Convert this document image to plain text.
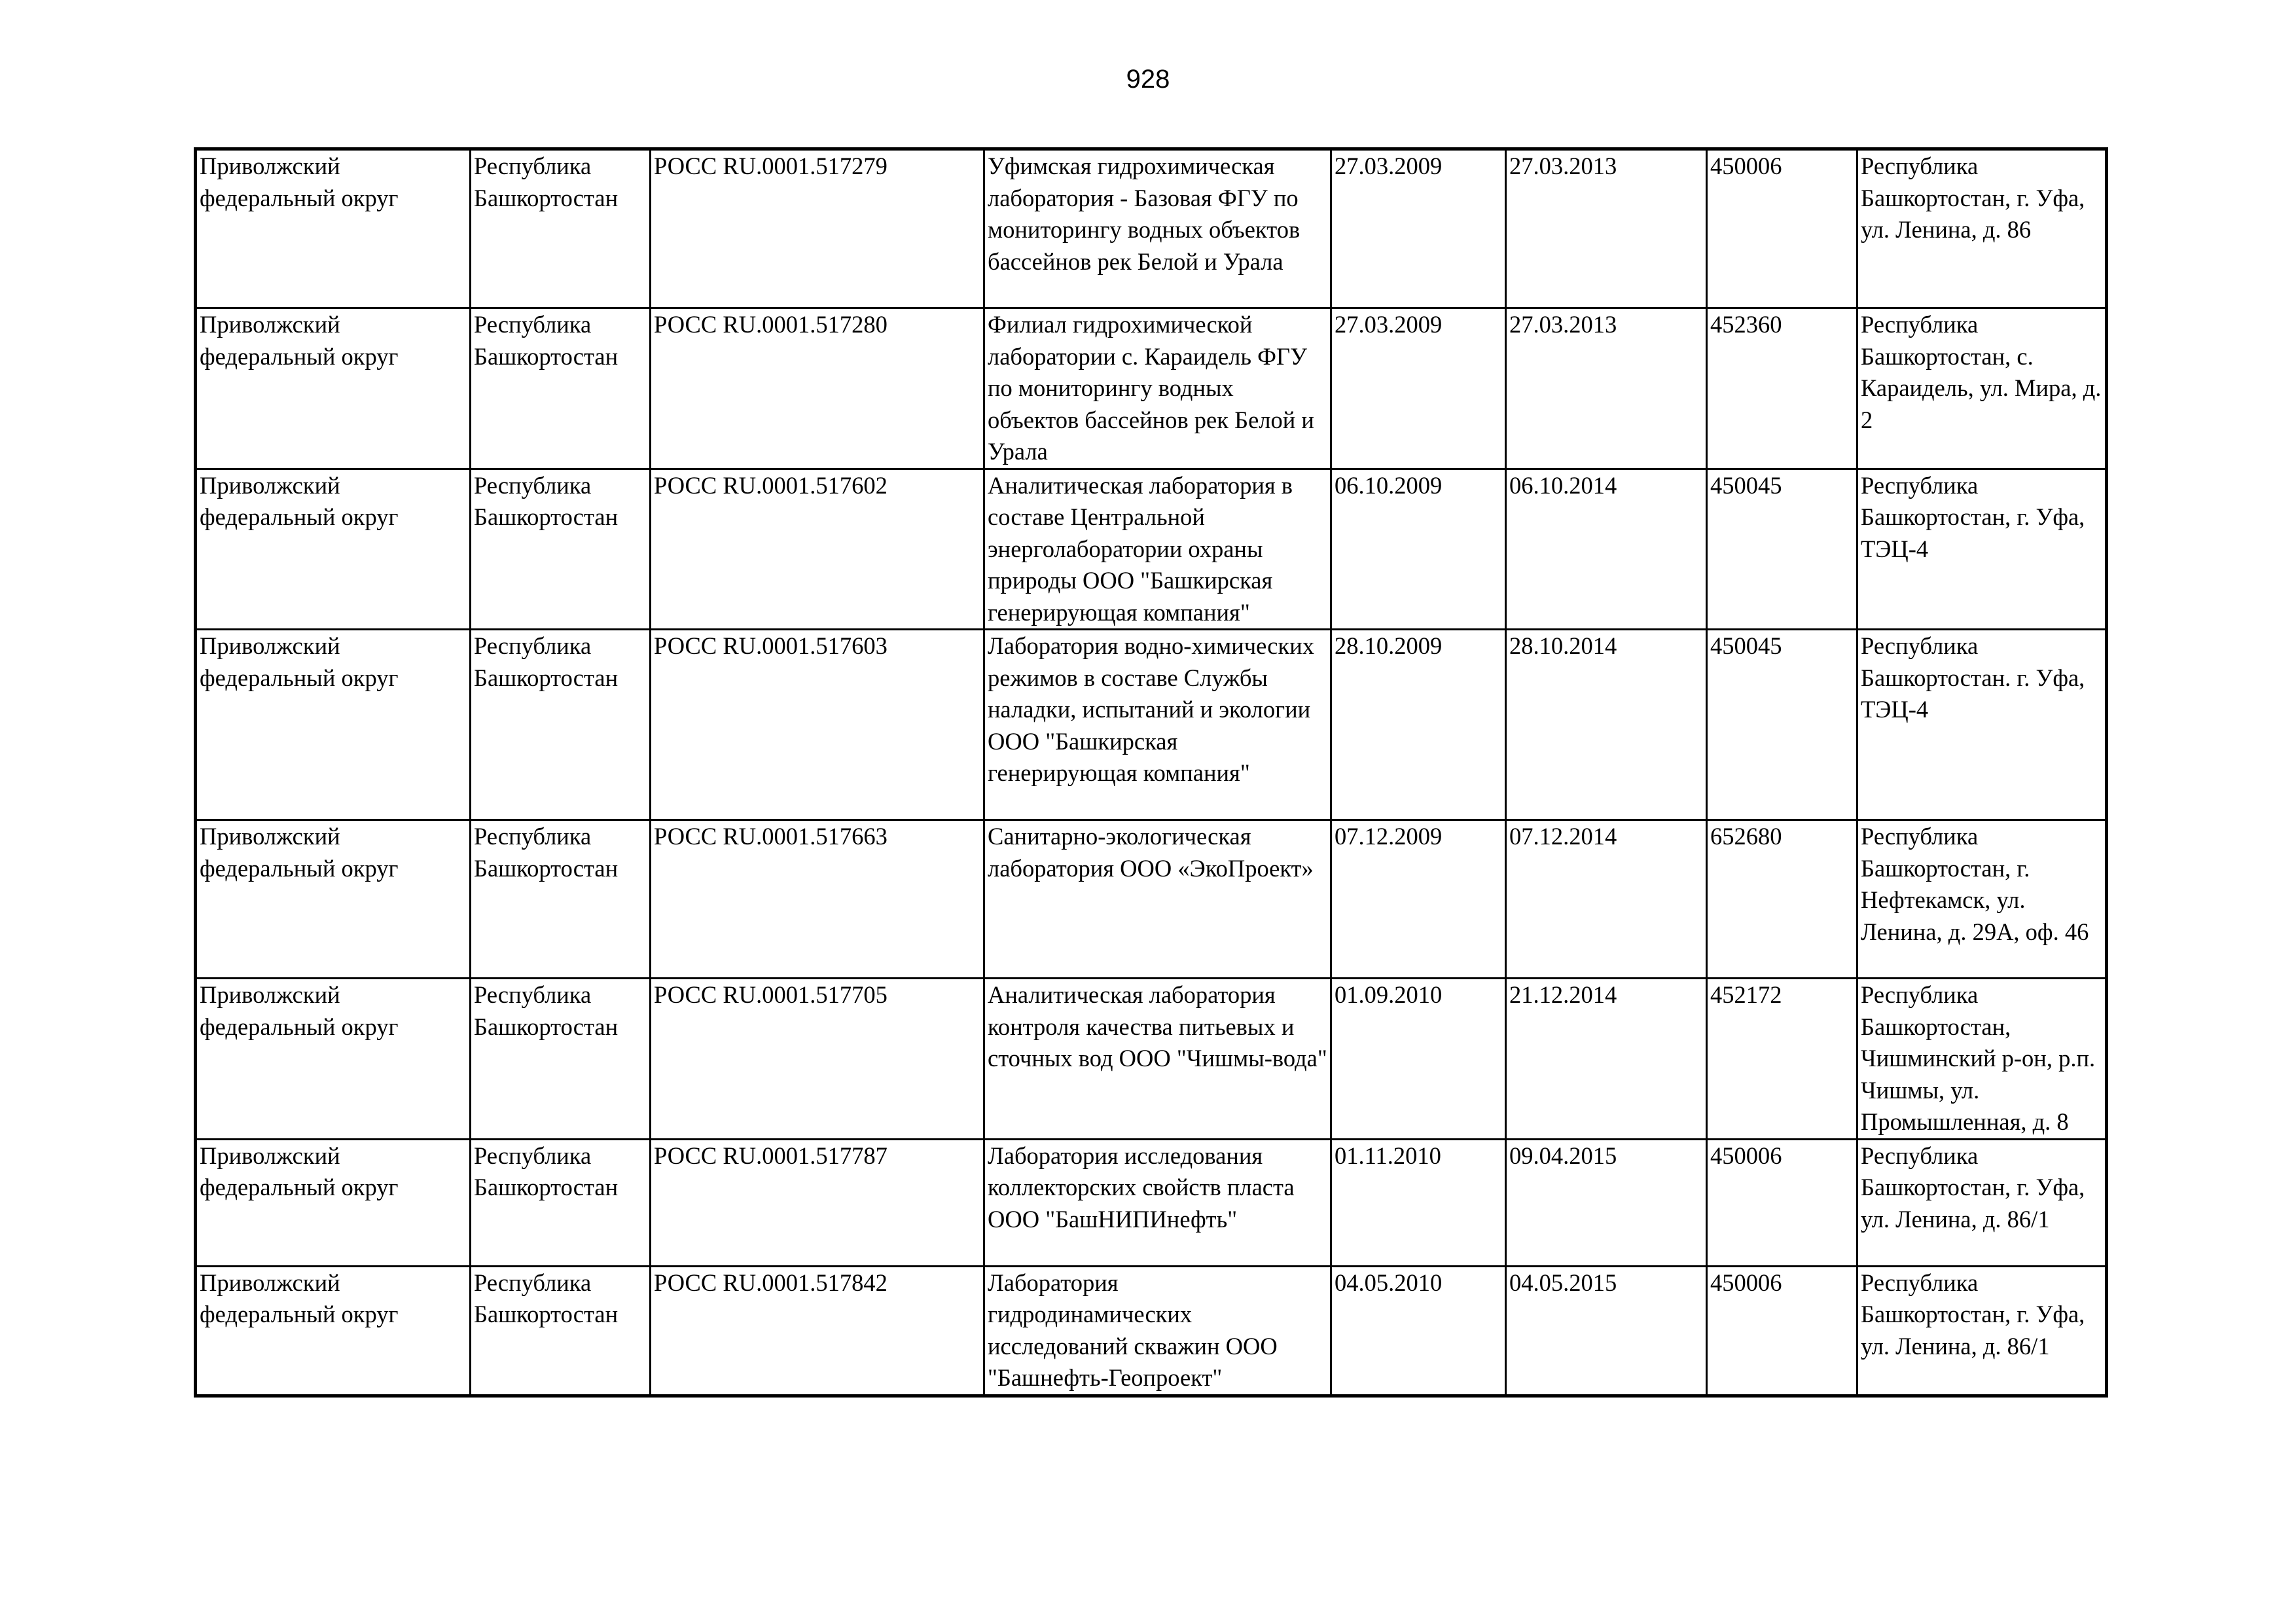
928
Приволжский федеральный округ	Республика Башкортостан	РОСС RU.0001.517279	Уфимская гидрохимическая лаборатория - Базовая ФГУ по мониторингу водных объектов бассейнов рек Белой и Урала	27.03.2009	27.03.2013	450006	Республика Башкортостан, г. Уфа, ул. Ленина, д. 86
Приволжский федеральный округ	Республика Башкортостан	РОСС RU.0001.517280	Филиал гидрохимической лаборатории с. Караидель ФГУ по мониторингу водных объектов бассейнов рек Белой и Урала	27.03.2009	27.03.2013	452360	Республика Башкортостан, с. Караидель, ул. Мира, д. 2
Приволжский федеральный округ	Республика Башкортостан	РОСС RU.0001.517602	Аналитическая лаборатория в составе Центральной энерголаборатории охраны природы ООО "Башкирская генерирующая компания"	06.10.2009	06.10.2014	450045	Республика Башкортостан, г. Уфа, ТЭЦ-4
Приволжский федеральный округ	Республика Башкортостан	РОСС RU.0001.517603	Лаборатория водно-химических режимов в составе Службы наладки, испытаний и экологии ООО "Башкирская генерирующая компания"	28.10.2009	28.10.2014	450045	Республика Башкортостан. г. Уфа, ТЭЦ-4
Приволжский федеральный округ	Республика Башкортостан	РОСС RU.0001.517663	Санитарно-экологическая лаборатория ООО «ЭкоПроект»	07.12.2009	07.12.2014	652680	Республика Башкортостан, г. Нефтекамск, ул. Ленина, д. 29А, оф. 46
Приволжский федеральный округ	Республика Башкортостан	РОСС RU.0001.517705	Аналитическая лаборатория контроля качества питьевых и сточных вод ООО "Чишмы-вода"	01.09.2010	21.12.2014	452172	Республика Башкортостан, Чишминский р-он, р.п. Чишмы, ул. Промышленная, д. 8
Приволжский федеральный округ	Республика Башкортостан	РОСС RU.0001.517787	Лаборатория исследования коллекторских свойств пласта ООО "БашНИПИнефть"	01.11.2010	09.04.2015	450006	Республика Башкортостан, г. Уфа, ул. Ленина, д. 86/1
Приволжский федеральный округ	Республика Башкортостан	РОСС RU.0001.517842	Лаборатория гидродинамических исследований скважин ООО "Башнефть-Геопроект"	04.05.2010	04.05.2015	450006	Республика Башкортостан, г. Уфа, ул. Ленина, д. 86/1
